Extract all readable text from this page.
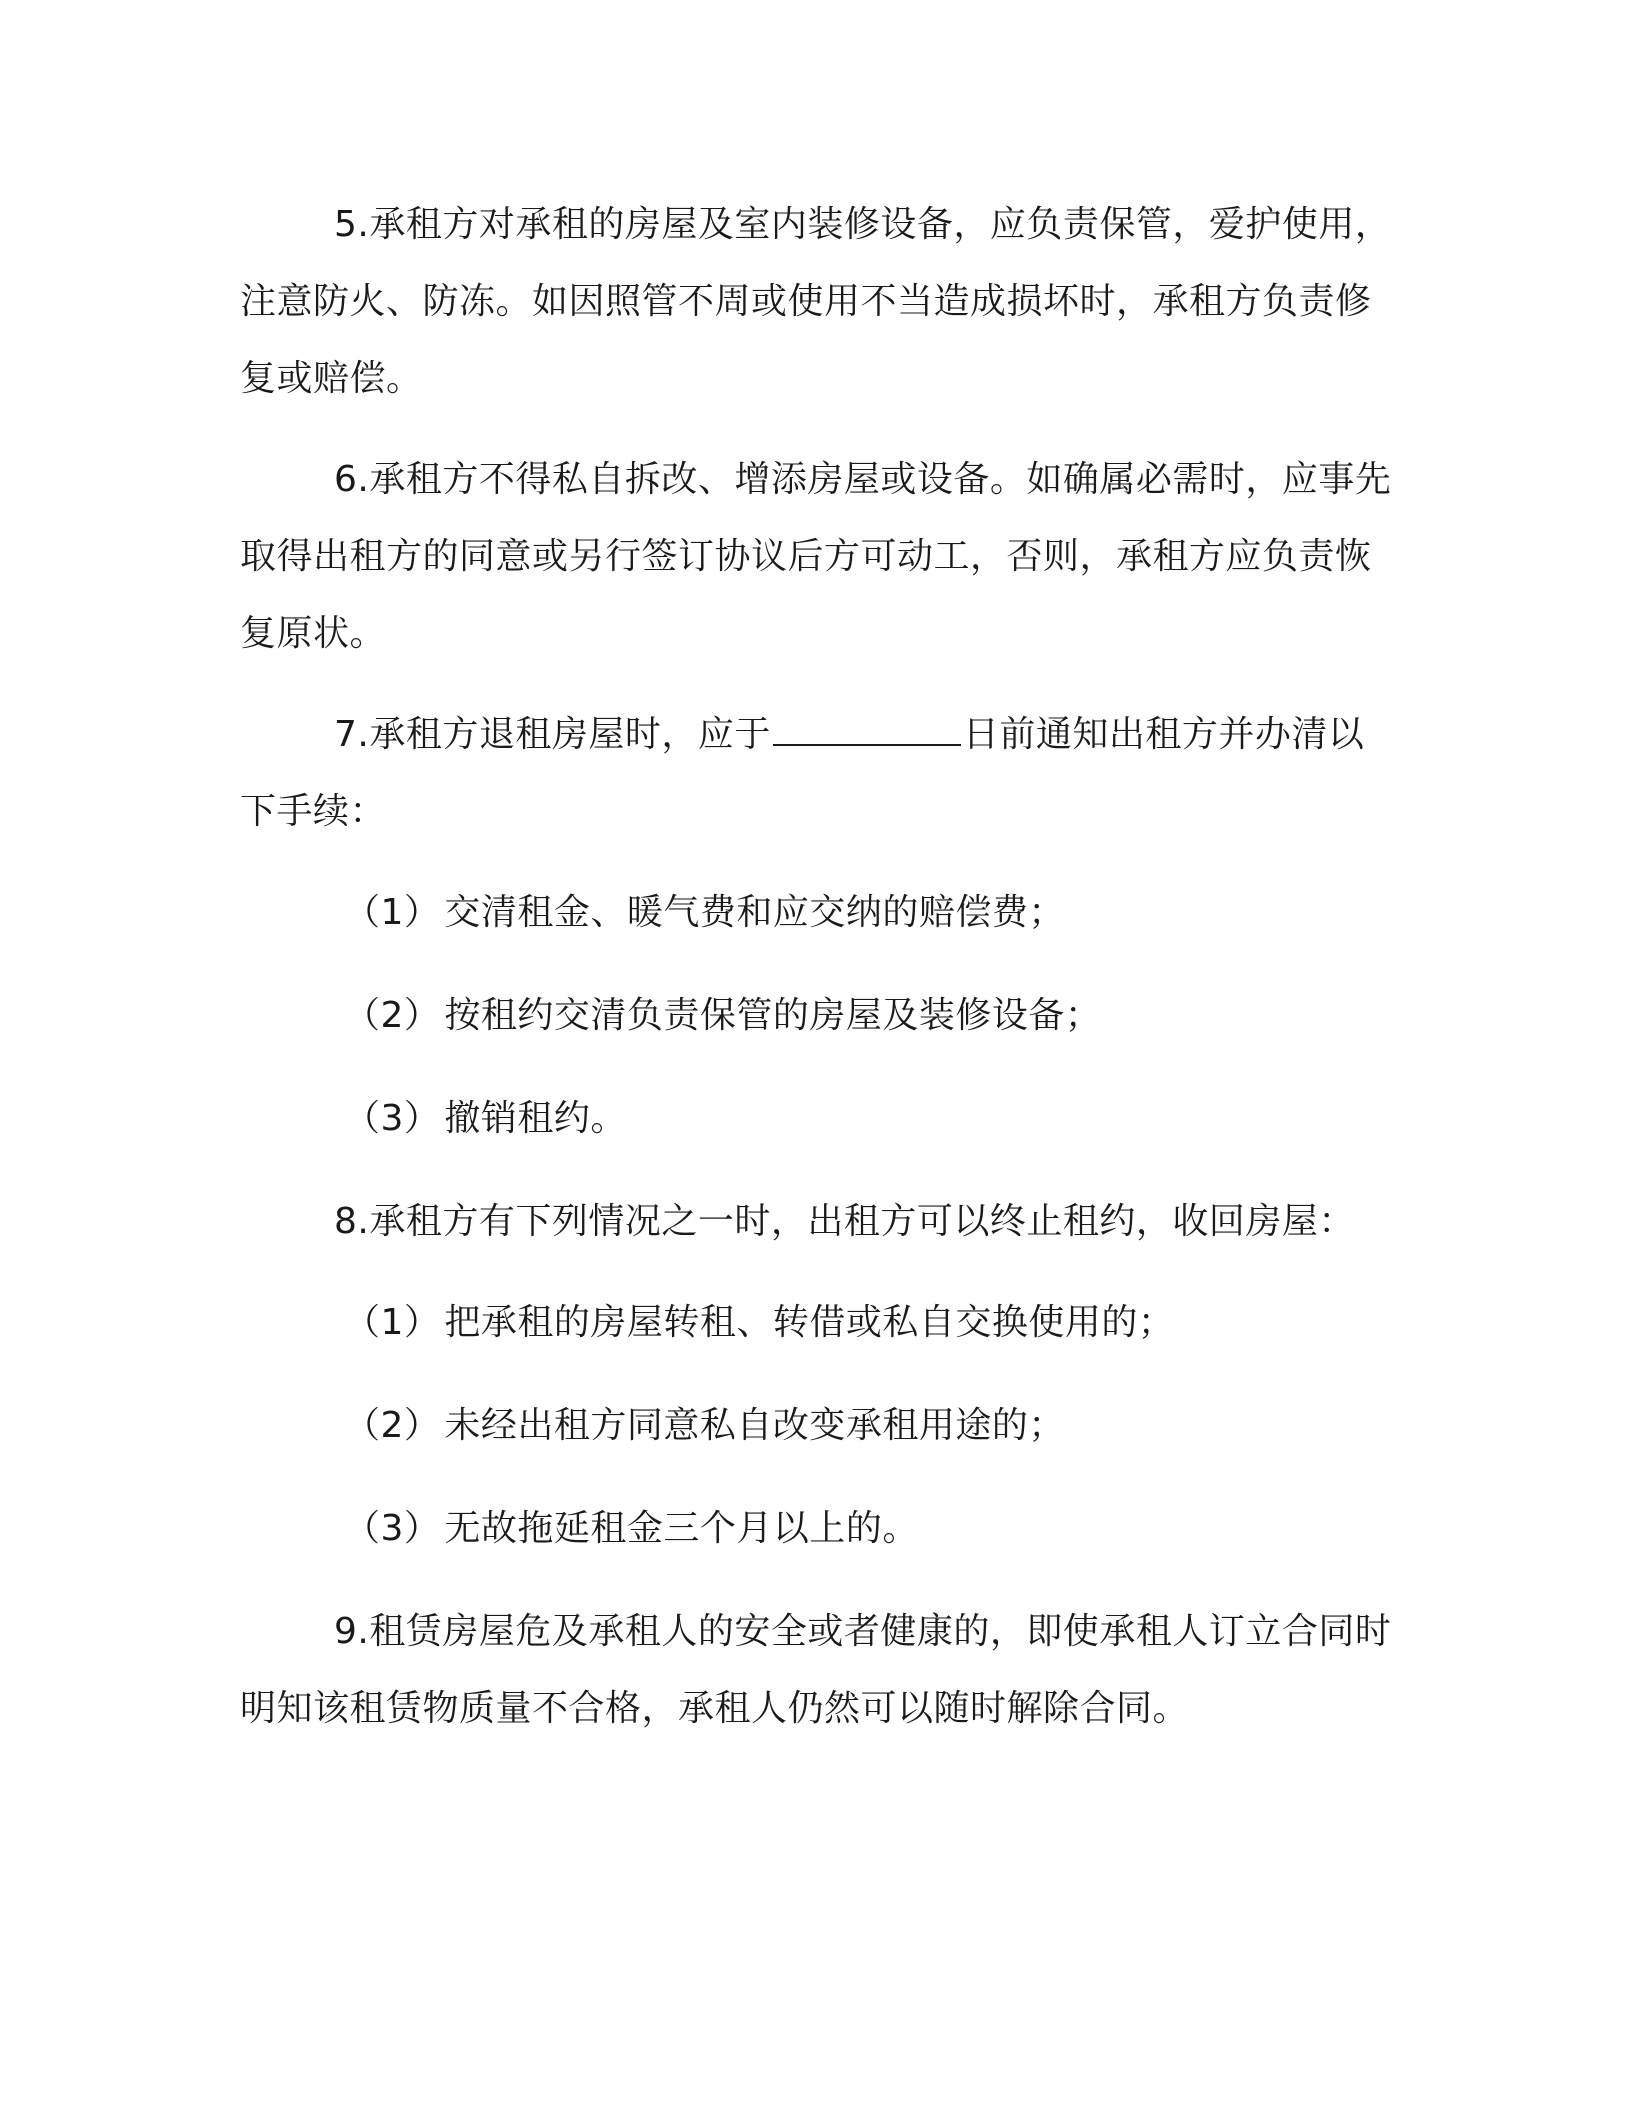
5.承租方对承租的房屋及室内装修设备，应负责保管，爱护使用，注意防火、防冻。如因照管不周或使用不当造成损坏时，承租方负责修复或赔偿。

6.承租方不得私自拆改、增添房屋或设备。如确属必需时，应事先取得出租方的同意或另行签订协议后方可动工，否则，承租方应负责恢复原状。

7.承租方退租房屋时，应于	日前通知出租方并办清以下手续：

（1） 交清租金、暖气费和应交纳的赔偿费；

（2） 按租约交清负责保管的房屋及装修设备；

（3） 撤销租约。

8.承租方有下列情况之一时，出租方可以终止租约，收回房屋：

（1） 把承租的房屋转租、转借或私自交换使用的；

（2） 未经出租方同意私自改变承租用途的；

（3） 无故拖延租金三个月以上的。

9.租赁房屋危及承租人的安全或者健康的，即使承租人订立合同时明知该租赁物质量不合格，承租人仍然可以随时解除合同。
